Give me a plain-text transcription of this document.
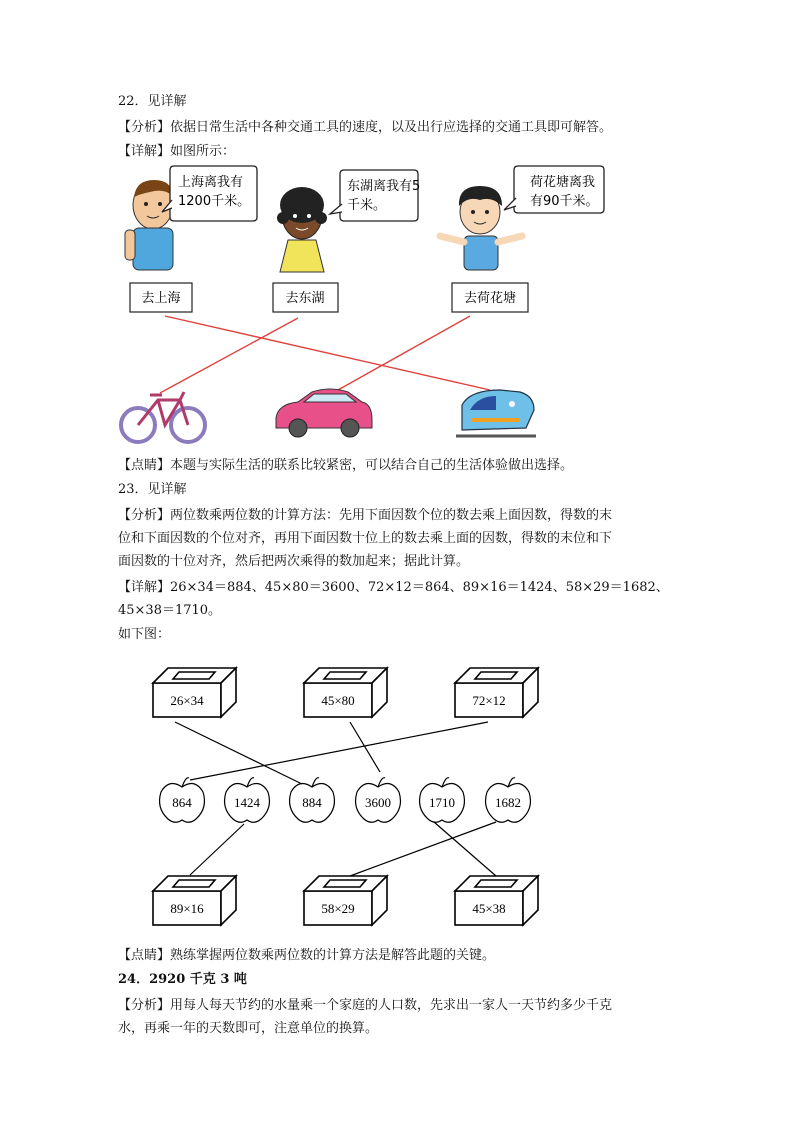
22．见详解
【分析】依据日常生活中各种交通工具的速度，以及出行应选择的交通工具即可解答。
【详解】如图所示：
上海离我有
1200千米。
东湖离我有5
千米。
荷花塘离我
有90千米。
去上海	去东湖	去荷花塘
【点睛】本题与实际生活的联系比较紧密，可以结合自己的生活体验做出选择。
23．见详解
【分析】两位数乘两位数的计算方法：先用下面因数个位的数去乘上面因数，得数的末
位和下面因数的个位对齐，再用下面因数十位上的数去乘上面的因数，得数的末位和下
面因数的十位对齐，然后把两次乘得的数加起来；据此计算。
【详解】26×34＝884、45×80＝3600、72×12＝864、89×16＝1424、58×29＝1682、
45×38＝1710。
如下图：
26×34	45×80	72×12
864	1424	884	3600	1710	1682
89×16	58×29	45×38
【点睛】熟练掌握两位数乘两位数的计算方法是解答此题的关键。
24．2920 千克 3 吨
【分析】用每人每天节约的水量乘一个家庭的人口数，先求出一家人一天节约多少千克
水，再乘一年的天数即可，注意单位的换算。
